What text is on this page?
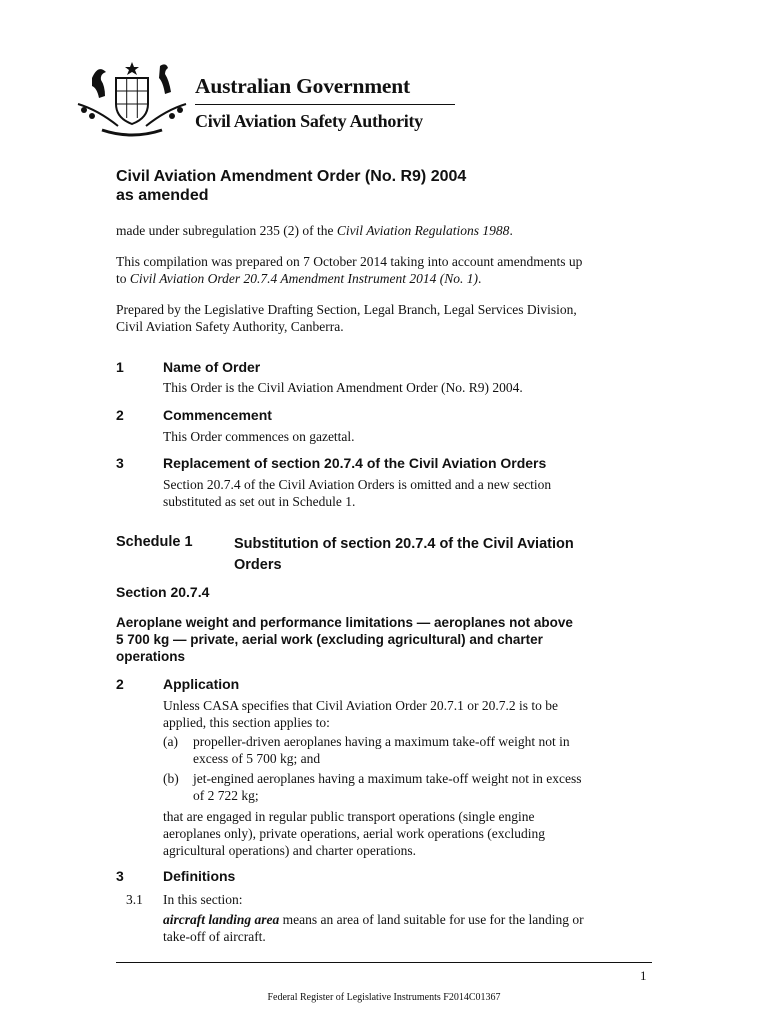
Australian Government
Civil Aviation Safety Authority
Civil Aviation Amendment Order (No. R9) 2004
as amended
made under subregulation 235 (2) of the Civil Aviation Regulations 1988.
This compilation was prepared on 7 October 2014 taking into account amendments up
to Civil Aviation Order 20.7.4 Amendment Instrument 2014 (No. 1).
Prepared by the Legislative Drafting Section, Legal Branch, Legal Services Division,
Civil Aviation Safety Authority, Canberra.
1	Name of Order
This Order is the Civil Aviation Amendment Order (No. R9) 2004.
2	Commencement
This Order commences on gazettal.
3	Replacement of section 20.7.4 of the Civil Aviation Orders
Section 20.7.4 of the Civil Aviation Orders is omitted and a new section
substituted as set out in Schedule 1.
Schedule 1	Substitution of section 20.7.4 of the Civil Aviation
Orders
Section 20.7.4
Aeroplane weight and performance limitations — aeroplanes not above
5 700 kg — private, aerial work (excluding agricultural) and charter
operations
2	Application
Unless CASA specifies that Civil Aviation Order 20.7.1 or 20.7.2 is to be
applied, this section applies to:
(a) propeller-driven aeroplanes having a maximum take-off weight not in
excess of 5 700 kg; and
(b) jet-engined aeroplanes having a maximum take-off weight not in excess
of 2 722 kg;
that are engaged in regular public transport operations (single engine
aeroplanes only), private operations, aerial work operations (excluding
agricultural operations) and charter operations.
3	Definitions
3.1 In this section:
aircraft landing area means an area of land suitable for use for the landing or
take-off of aircraft.
1
Federal Register of Legislative Instruments F2014C01367
